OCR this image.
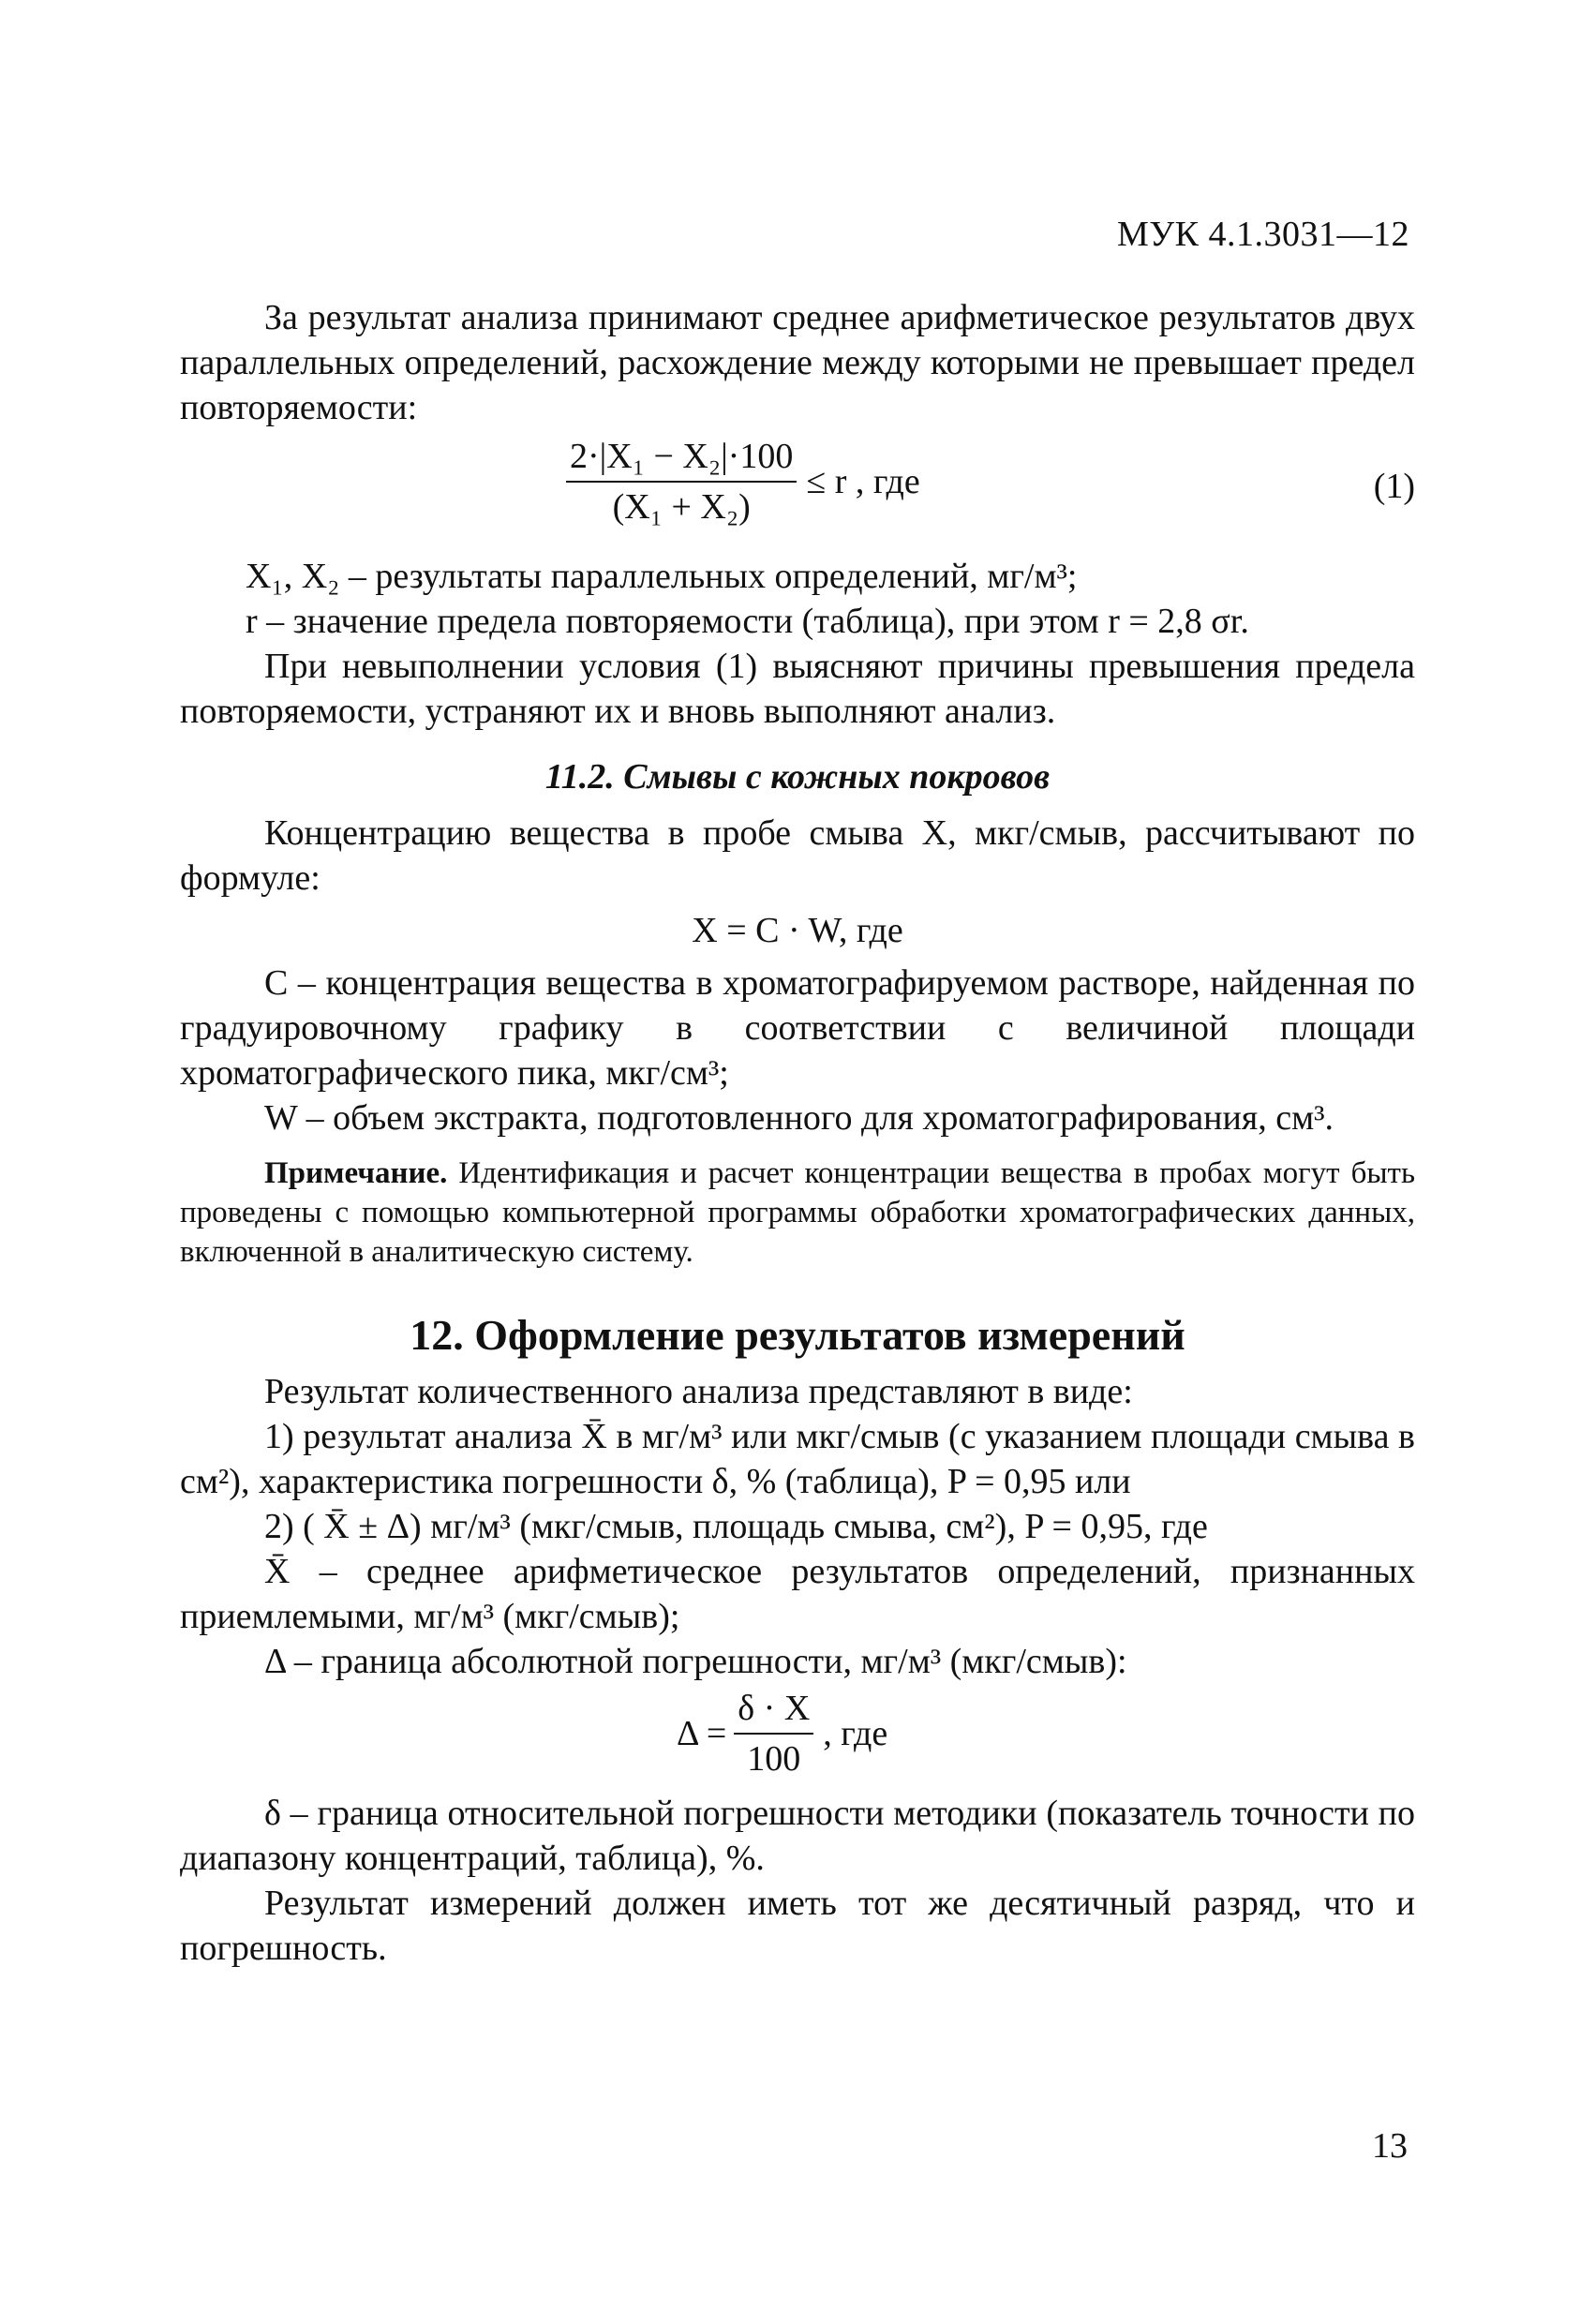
МУК 4.1.3031—12

За результат анализа принимают среднее арифметическое результатов двух параллельных определений, расхождение между которыми не превышает предел повторяемости:

$\frac{\text{2·|X₁ − X₂|·100}}{\text{(X₁ + X₂)}} \le r$ , где	(1)

X₁, X₂ – результаты параллельных определений, мг/м³;

r – значение предела повторяемости (таблица), при этом r = 2,8 σr.

При невыполнении условия (1) выясняют причины превышения предела повторяемости, устраняют их и вновь выполняют анализ.

11.2. Смывы с кожных покровов

Концентрацию вещества в пробе смыва X, мкг/смыв, рассчитывают по формуле:

X = C · W, где

C – концентрация вещества в хроматографируемом растворе, найденная по градуировочному графику в соответствии с величиной площади хроматографического пика, мкг/см³;

W – объем экстракта, подготовленного для хроматографирования, см³.

Примечание. Идентификация и расчет концентрации вещества в пробах могут быть проведены с помощью компьютерной программы обработки хроматографических данных, включенной в аналитическую систему.

12. Оформление результатов измерений

Результат количественного анализа представляют в виде:

1) результат анализа X̄ в мг/м³ или мкг/смыв (с указанием площади смыва в см²), характеристика погрешности δ, % (таблица), P = 0,95 или

2) ( X̄ ± Δ) мг/м³ (мкг/смыв, площадь смыва, см²), P = 0,95, где

X̄ – среднее арифметическое результатов определений, признанных приемлемыми, мг/м³ (мкг/смыв);

Δ – граница абсолютной погрешности, мг/м³ (мкг/смыв):

$\Delta = \frac{\delta \cdot X}{100}$ , где

δ – граница относительной погрешности методики (показатель точности по диапазону концентраций, таблица), %.

Результат измерений должен иметь тот же десятичный разряд, что и погрешность.

13
